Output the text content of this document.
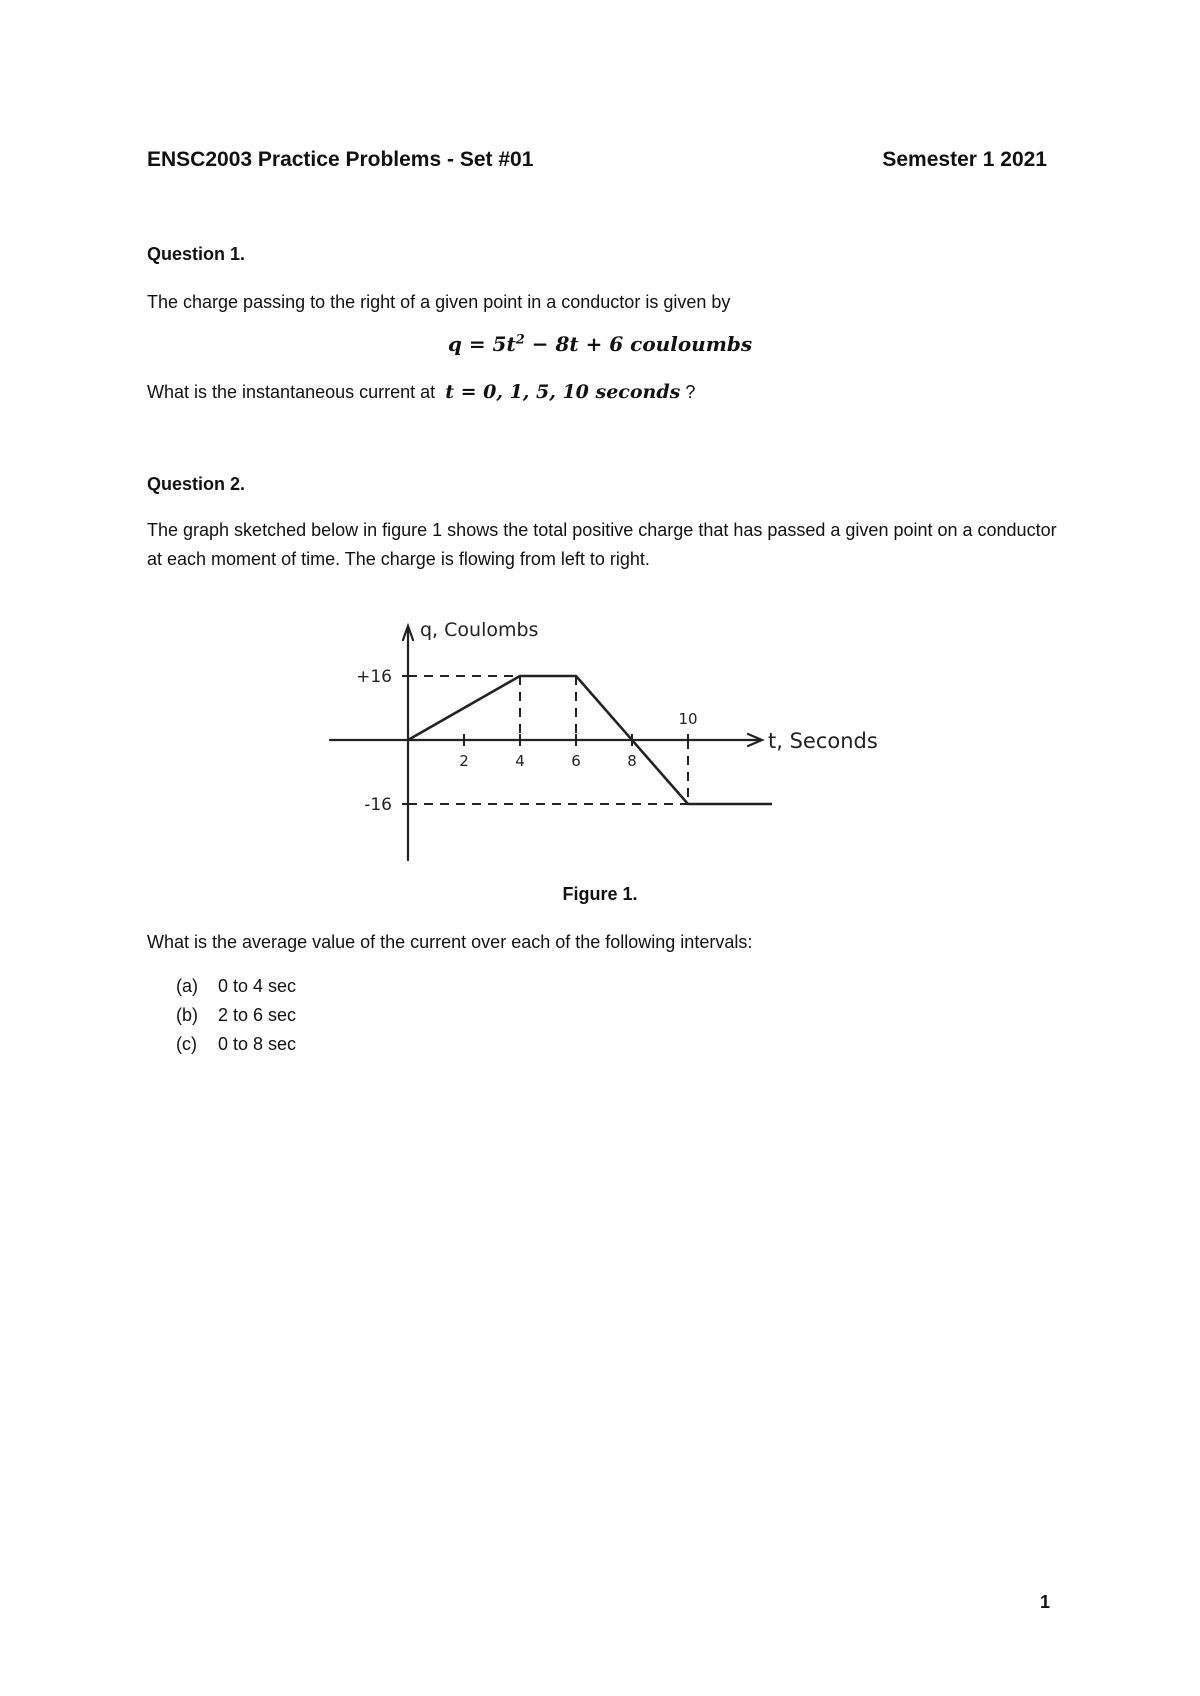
ENSC2003 Practice Problems - Set #01	Semester 1 2021
Question 1.
The charge passing to the right of a given point in a conductor is given by
$q = 5t^2 - 8t + 6$ couloumbs
What is the instantaneous current at t = 0, 1, 5, 10 seconds ?
Question 2.
The graph sketched below in figure 1 shows the total positive charge that has passed a given point on a conductor at each moment of time. The charge is flowing from left to right.
2	4	6	8
10
+16
-16
q, Coulombs
t, Seconds
Figure 1.
What is the average value of the current over each of the following intervals:
(a)	0 to 4 sec
(b)	2 to 6 sec
(c)	0 to 8 sec
1
